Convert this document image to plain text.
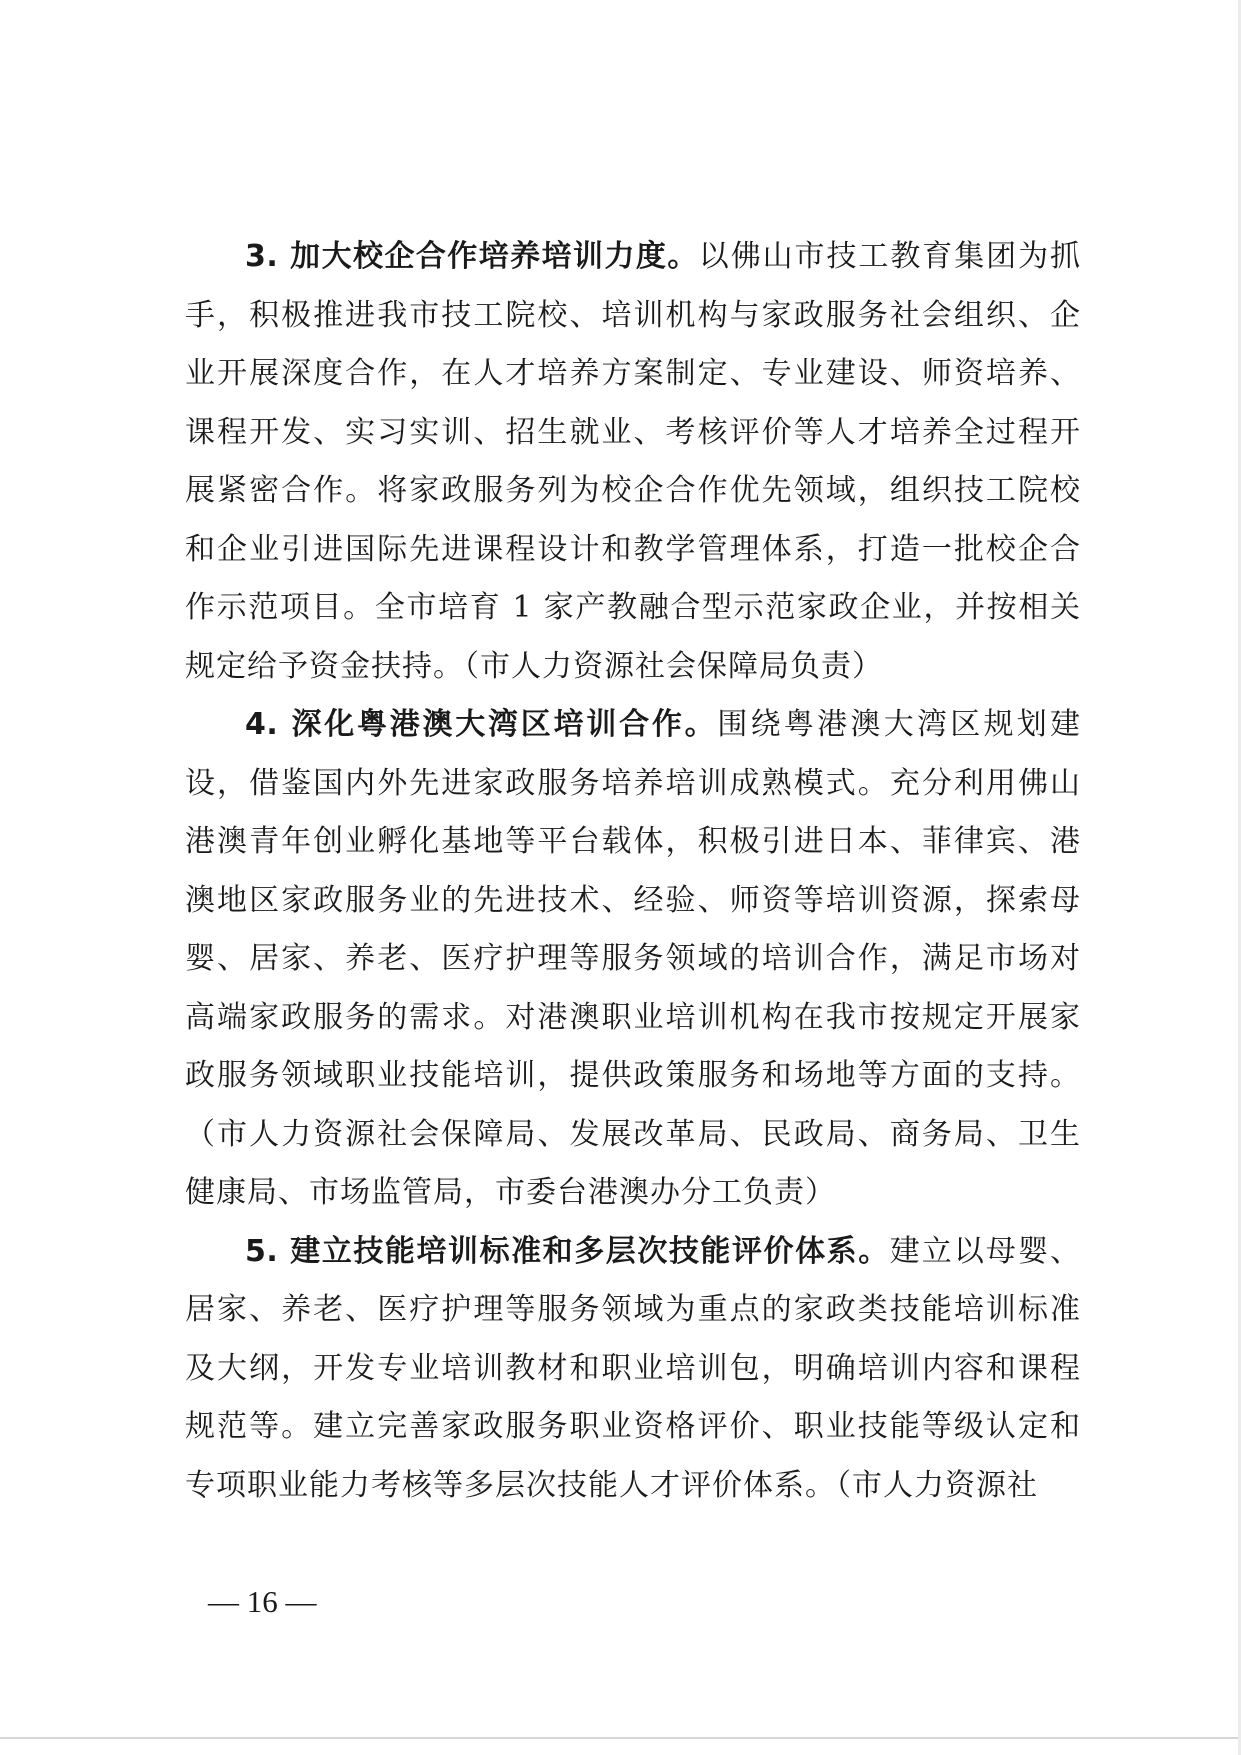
3. 加大校企合作培养培训力度。以佛山市技工教育集团为抓手，积极推进我市技工院校、培训机构与家政服务社会组织、企业开展深度合作，在人才培养方案制定、专业建设、师资培养、课程开发、实习实训、招生就业、考核评价等人才培养全过程开展紧密合作。将家政服务列为校企合作优先领域，组织技工院校和企业引进国际先进课程设计和教学管理体系，打造一批校企合作示范项目。全市培育 1 家产教融合型示范家政企业，并按相关规定给予资金扶持。（市人力资源社会保障局负责）

4. 深化粤港澳大湾区培训合作。围绕粤港澳大湾区规划建设，借鉴国内外先进家政服务培养培训成熟模式。充分利用佛山港澳青年创业孵化基地等平台载体，积极引进日本、菲律宾、港澳地区家政服务业的先进技术、经验、师资等培训资源，探索母婴、居家、养老、医疗护理等服务领域的培训合作，满足市场对高端家政服务的需求。对港澳职业培训机构在我市按规定开展家政服务领域职业技能培训，提供政策服务和场地等方面的支持。（市人力资源社会保障局、发展改革局、民政局、商务局、卫生健康局、市场监管局，市委台港澳办分工负责）

5. 建立技能培训标准和多层次技能评价体系。建立以母婴、居家、养老、医疗护理等服务领域为重点的家政类技能培训标准及大纲，开发专业培训教材和职业培训包，明确培训内容和课程规范等。建立完善家政服务职业资格评价、职业技能等级认定和专项职业能力考核等多层次技能人才评价体系。（市人力资源社

— 16 —
